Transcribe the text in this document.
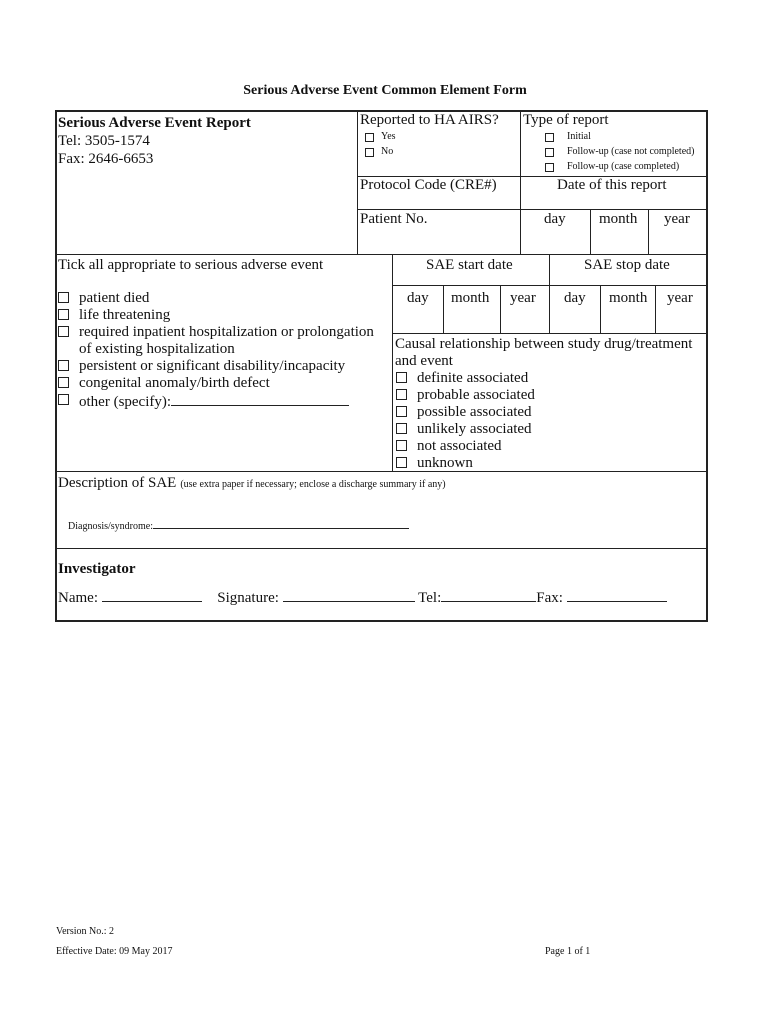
Serious Adverse Event Common Element Form
Serious Adverse Event Report
Tel: 3505-1574
Fax: 2646-6653
Reported to HA AIRS?
Yes
No
Type of report
Initial
Follow-up (case not completed)
Follow-up (case completed)
Protocol Code (CRE#)	Date of this report
Patient No.	day month year
Tick all appropriate to serious adverse event
patient died
life threatening
required inpatient hospitalization or prolongation
of existing hospitalization
persistent or significant disability/incapacity
congenital anomaly/birth defect
other (specify):
SAE start date	SAE stop date
day month year day month year
Causal relationship between study drug/treatment
and event
definite associated
probable associated
possible associated
unlikely associated
not associated
unknown
Description of SAE (use extra paper if necessary; enclose a discharge summary if any)
Diagnosis/syndrome:
Investigator
Name:	Signature:	Tel:	Fax:
Version No.: 2
Effective Date: 09 May 2017	Page 1 of 1
